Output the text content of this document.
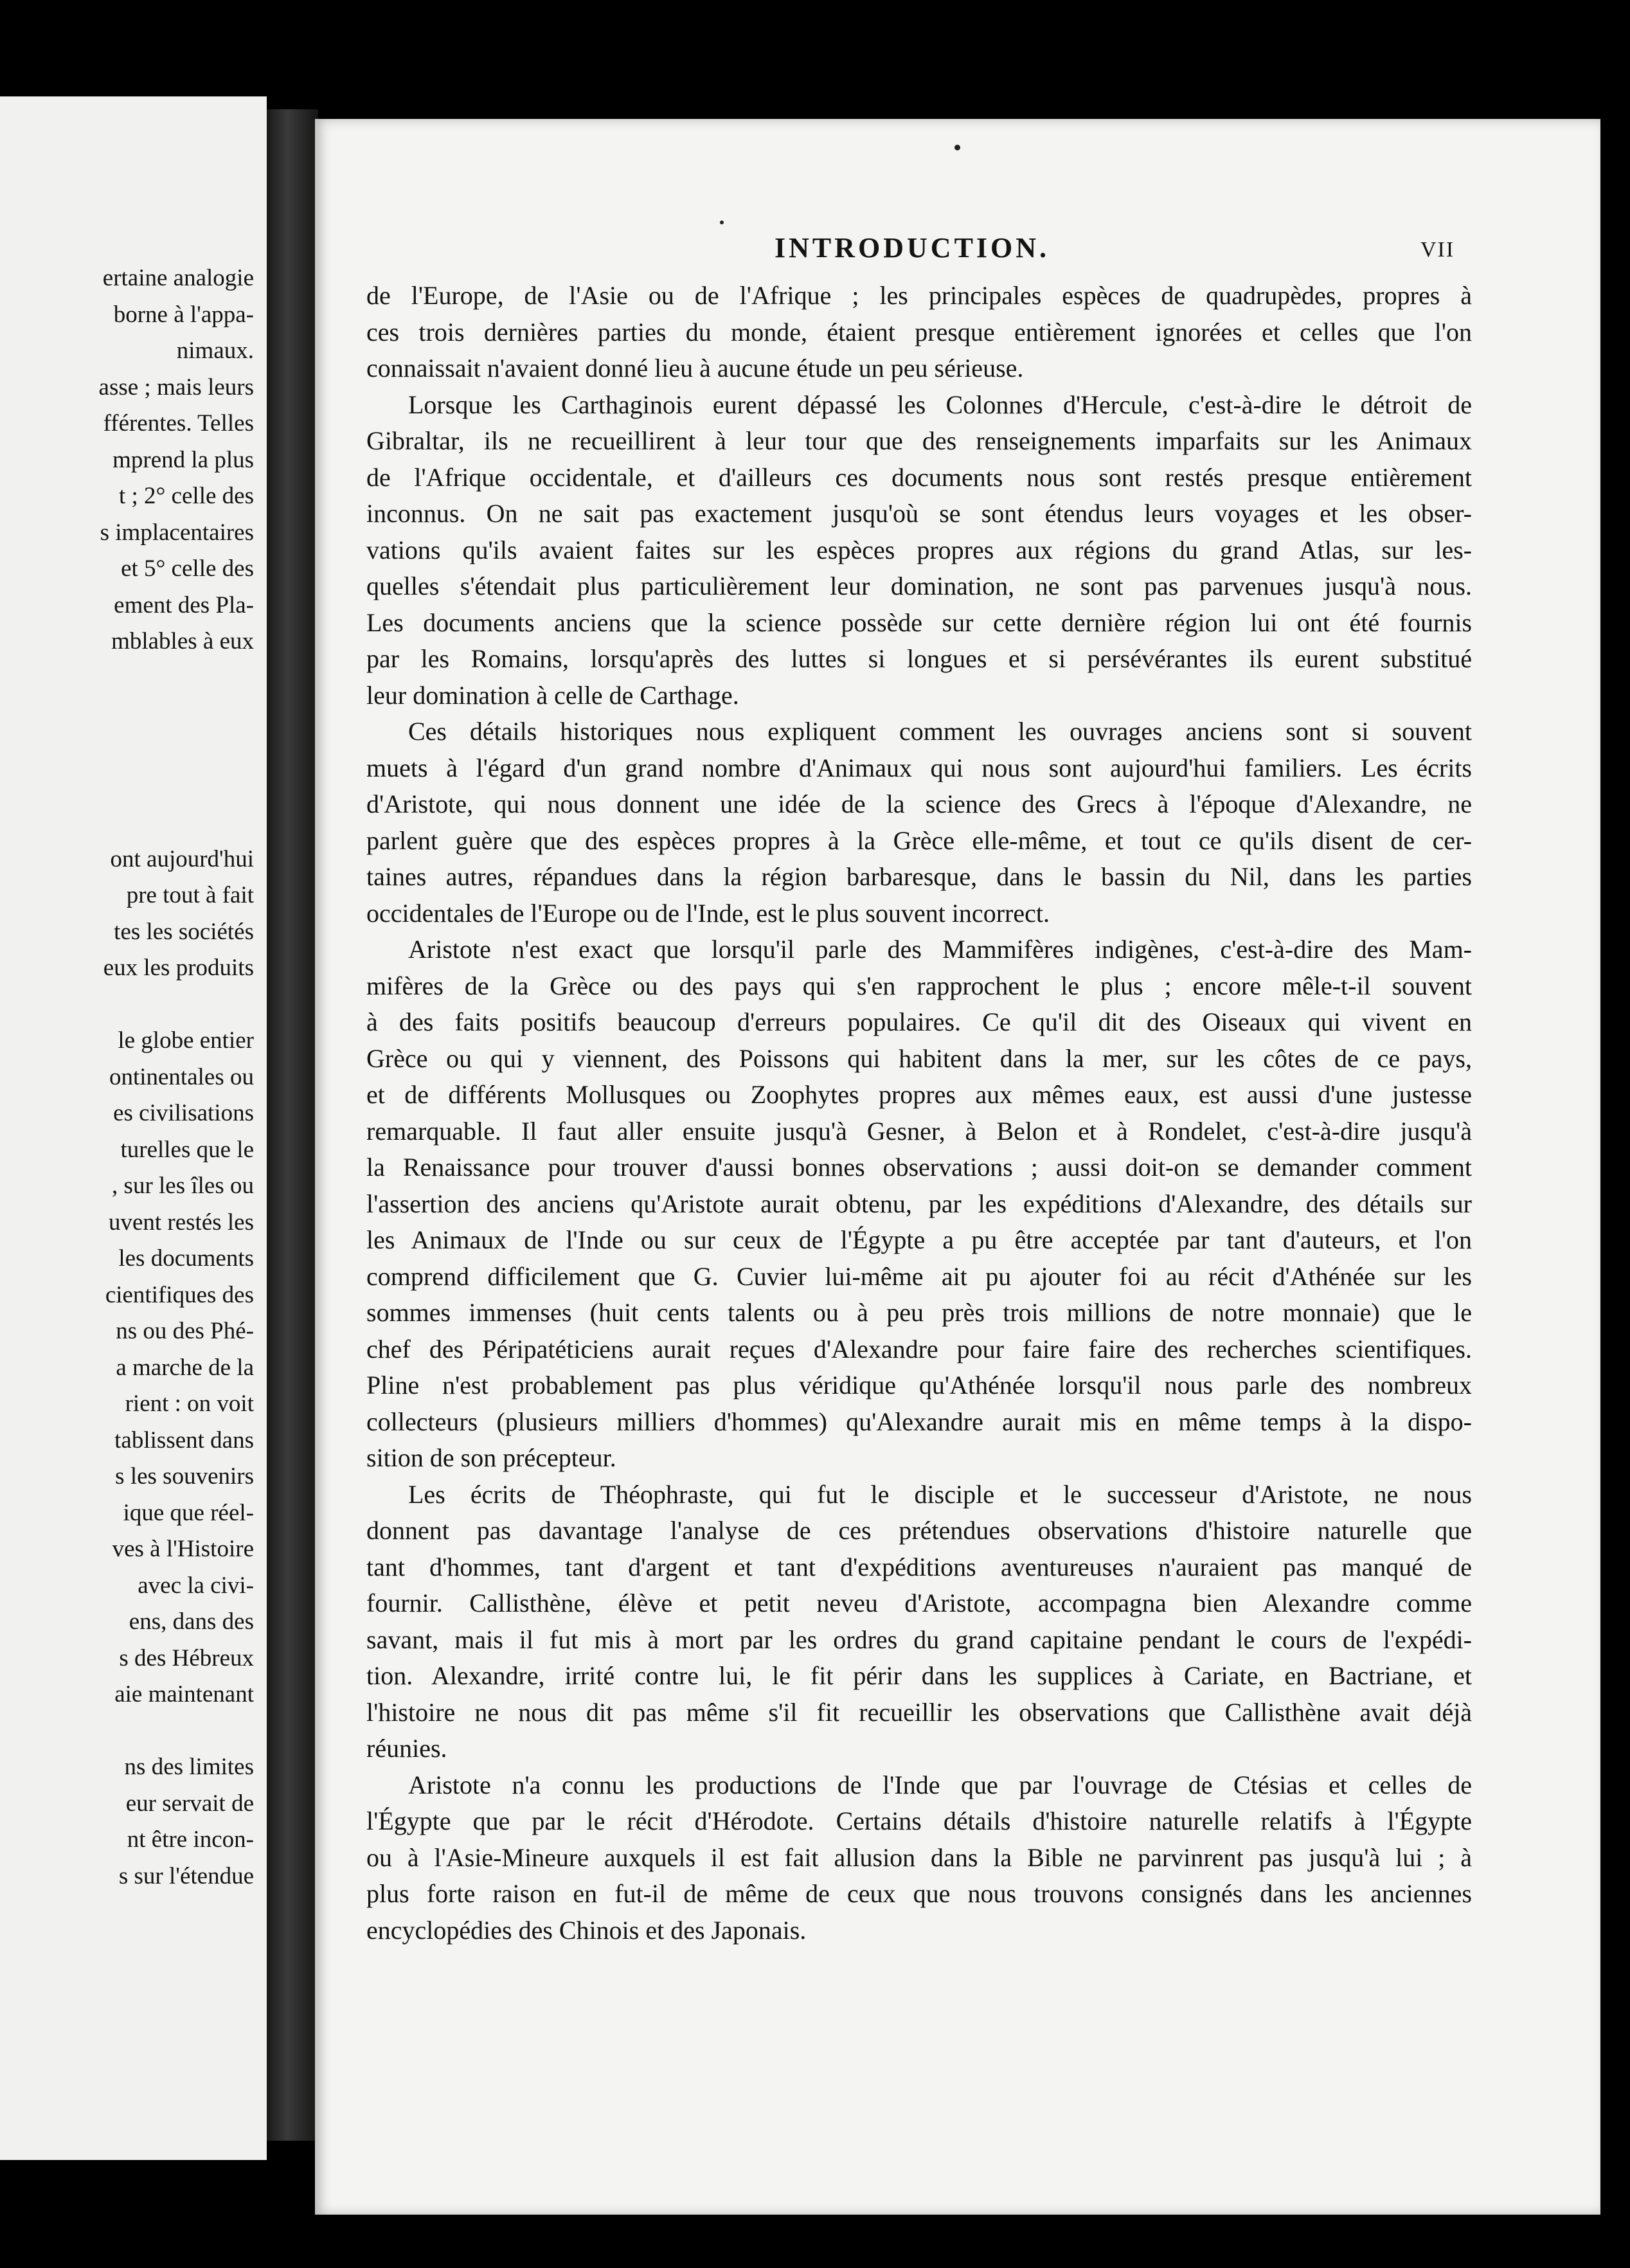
ertaine analogie
borne à l'appa-
nimaux.
asse ; mais leurs
fférentes. Telles
mprend la plus
t ; 2° celle des
s implacentaires
et 5° celle des
ement des Pla-
mblables à eux
ont aujourd'hui
pre tout à fait
tes les sociétés
eux les produits
le globe entier
ontinentales ou
es civilisations
turelles que le
, sur les îles ou
uvent restés les
les documents
cientifiques des
ns ou des Phé-
a marche de la
rient : on voit
tablissent dans
s les souvenirs
ique que réel-
ves à l'Histoire
avec la civi-
ens, dans des
s des Hébreux
aie maintenant
ns des limites
eur servait de
nt être incon-
s sur l'étendue
INTRODUCTION.	VII
de l'Europe, de l'Asie ou de l'Afrique ; les principales espèces de quadrupèdes, propres à
ces trois dernières parties du monde, étaient presque entièrement ignorées et celles que l'on
connaissait n'avaient donné lieu à aucune étude un peu sérieuse.
Lorsque les Carthaginois eurent dépassé les Colonnes d'Hercule, c'est-à-dire le détroit de
Gibraltar, ils ne recueillirent à leur tour que des renseignements imparfaits sur les Animaux
de l'Afrique occidentale, et d'ailleurs ces documents nous sont restés presque entièrement
inconnus. On ne sait pas exactement jusqu'où se sont étendus leurs voyages et les obser-
vations qu'ils avaient faites sur les espèces propres aux régions du grand Atlas, sur les-
quelles s'étendait plus particulièrement leur domination, ne sont pas parvenues jusqu'à nous.
Les documents anciens que la science possède sur cette dernière région lui ont été fournis
par les Romains, lorsqu'après des luttes si longues et si persévérantes ils eurent substitué
leur domination à celle de Carthage.
Ces détails historiques nous expliquent comment les ouvrages anciens sont si souvent
muets à l'égard d'un grand nombre d'Animaux qui nous sont aujourd'hui familiers. Les écrits
d'Aristote, qui nous donnent une idée de la science des Grecs à l'époque d'Alexandre, ne
parlent guère que des espèces propres à la Grèce elle-même, et tout ce qu'ils disent de cer-
taines autres, répandues dans la région barbaresque, dans le bassin du Nil, dans les parties
occidentales de l'Europe ou de l'Inde, est le plus souvent incorrect.
Aristote n'est exact que lorsqu'il parle des Mammifères indigènes, c'est-à-dire des Mam-
mifères de la Grèce ou des pays qui s'en rapprochent le plus ; encore mêle-t-il souvent
à des faits positifs beaucoup d'erreurs populaires. Ce qu'il dit des Oiseaux qui vivent en
Grèce ou qui y viennent, des Poissons qui habitent dans la mer, sur les côtes de ce pays,
et de différents Mollusques ou Zoophytes propres aux mêmes eaux, est aussi d'une justesse
remarquable. Il faut aller ensuite jusqu'à Gesner, à Belon et à Rondelet, c'est-à-dire jusqu'à
la Renaissance pour trouver d'aussi bonnes observations ; aussi doit-on se demander comment
l'assertion des anciens qu'Aristote aurait obtenu, par les expéditions d'Alexandre, des détails sur
les Animaux de l'Inde ou sur ceux de l'Égypte a pu être acceptée par tant d'auteurs, et l'on
comprend difficilement que G. Cuvier lui-même ait pu ajouter foi au récit d'Athénée sur les
sommes immenses (huit cents talents ou à peu près trois millions de notre monnaie) que le
chef des Péripatéticiens aurait reçues d'Alexandre pour faire faire des recherches scientifiques.
Pline n'est probablement pas plus véridique qu'Athénée lorsqu'il nous parle des nombreux
collecteurs (plusieurs milliers d'hommes) qu'Alexandre aurait mis en même temps à la dispo-
sition de son précepteur.
Les écrits de Théophraste, qui fut le disciple et le successeur d'Aristote, ne nous
donnent pas davantage l'analyse de ces prétendues observations d'histoire naturelle que
tant d'hommes, tant d'argent et tant d'expéditions aventureuses n'auraient pas manqué de
fournir. Callisthène, élève et petit neveu d'Aristote, accompagna bien Alexandre comme
savant, mais il fut mis à mort par les ordres du grand capitaine pendant le cours de l'expédi-
tion. Alexandre, irrité contre lui, le fit périr dans les supplices à Cariate, en Bactriane, et
l'histoire ne nous dit pas même s'il fit recueillir les observations que Callisthène avait déjà
réunies.
Aristote n'a connu les productions de l'Inde que par l'ouvrage de Ctésias et celles de
l'Égypte que par le récit d'Hérodote. Certains détails d'histoire naturelle relatifs à l'Égypte
ou à l'Asie-Mineure auxquels il est fait allusion dans la Bible ne parvinrent pas jusqu'à lui ; à
plus forte raison en fut-il de même de ceux que nous trouvons consignés dans les anciennes
encyclopédies des Chinois et des Japonais.
